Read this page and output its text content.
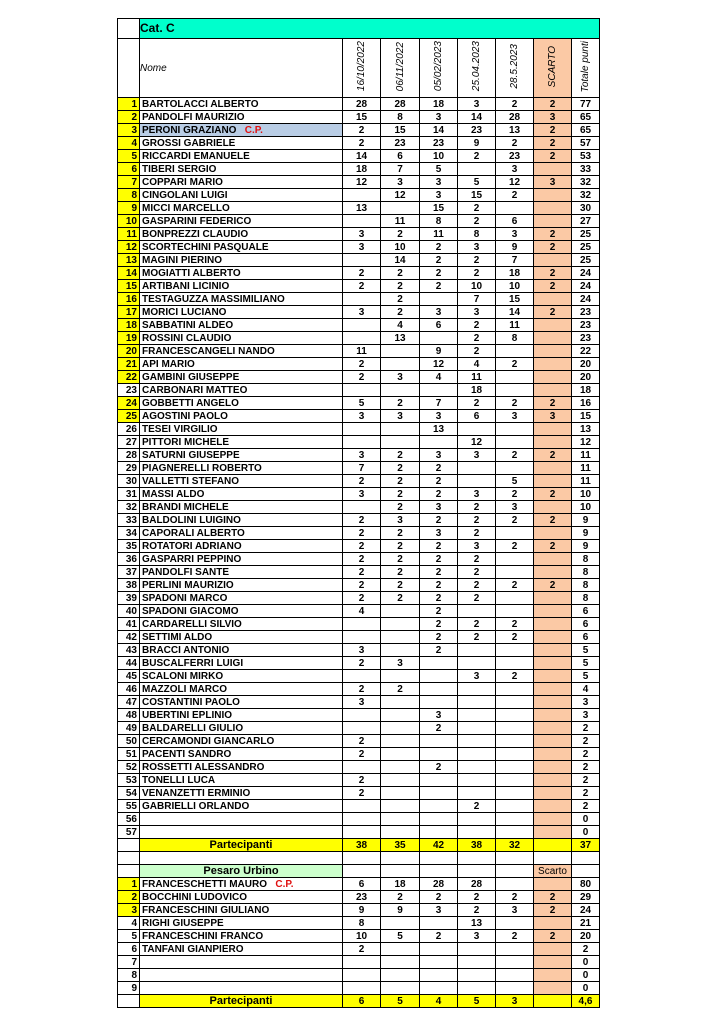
	Cat. C							
	Nome	16/10/2022	06/11/2022	05/02/2023	25.04.2023	28.5.2023	SCARTO	Totale punti
1	BARTOLACCI ALBERTO	28	28	18	3	2	2	77
2	PANDOLFI MAURIZIO	15	8	3	14	28	3	65
3	PERONI GRAZIANO C.P.	2	15	14	23	13	2	65
4	GROSSI GABRIELE	2	23	23	9	2	2	57
5	RICCARDI EMANUELE	14	6	10	2	23	2	53
6	TIBERI SERGIO	18	7	5		3		33
7	COPPARI MARIO	12	3	3	5	12	3	32
8	CINGOLANI LUIGI		12	3	15	2		32
9	MICCI MARCELLO	13		15	2			30
10	GASPARINI FEDERICO		11	8	2	6		27
11	BONPREZZI CLAUDIO	3	2	11	8	3	2	25
12	SCORTECHINI PASQUALE	3	10	2	3	9	2	25
13	MAGINI PIERINO		14	2	2	7		25
14	MOGIATTI ALBERTO	2	2	2	2	18	2	24
15	ARTIBANI LICINIO	2	2	2	10	10	2	24
16	TESTAGUZZA MASSIMILIANO		2		7	15		24
17	MORICI LUCIANO	3	2	3	3	14	2	23
18	SABBATINI ALDEO		4	6	2	11		23
19	ROSSINI CLAUDIO		13		2	8		23
20	FRANCESCANGELI NANDO	11		9	2			22
21	API MARIO	2		12	4	2		20
22	GAMBINI GIUSEPPE	2	3	4	11			20
23	CARBONARI MATTEO				18			18
24	GOBBETTI ANGELO	5	2	7	2	2	2	16
25	AGOSTINI PAOLO	3	3	3	6	3	3	15
26	TESEI VIRGILIO			13				13
27	PITTORI MICHELE				12			12
28	SATURNI GIUSEPPE	3	2	3	3	2	2	11
29	PIAGNERELLI ROBERTO	7	2	2				11
30	VALLETTI STEFANO	2	2	2		5		11
31	MASSI ALDO	3	2	2	3	2	2	10
32	BRANDI MICHELE		2	3	2	3		10
33	BALDOLINI LUIGINO	2	3	2	2	2	2	9
34	CAPORALI ALBERTO	2	2	3	2			9
35	ROTATORI ADRIANO	2	2	2	3	2	2	9
36	GASPARRI PEPPINO	2	2	2	2			8
37	PANDOLFI SANTE	2	2	2	2			8
38	PERLINI MAURIZIO	2	2	2	2	2	2	8
39	SPADONI MARCO	2	2	2	2			8
40	SPADONI GIACOMO	4		2				6
41	CARDARELLI SILVIO			2	2	2		6
42	SETTIMI ALDO			2	2	2		6
43	BRACCI ANTONIO	3		2				5
44	BUSCALFERRI LUIGI	2	3					5
45	SCALONI MIRKO				3	2		5
46	MAZZOLI MARCO	2	2					4
47	COSTANTINI PAOLO	3						3
48	UBERTINI EPLINIO			3				3
49	BALDARELLI GIULIO			2				2
50	CERCAMONDI GIANCARLO	2						2
51	PACENTI SANDRO	2						2
52	ROSSETTI ALESSANDRO			2				2
53	TONELLI LUCA	2						2
54	VENANZETTI ERMINIO	2						2
55	GABRIELLI ORLANDO				2			2
56								0
57								0
	Partecipanti	38	35	42	38	32		37

	Pesaro Urbino						Scarto	
1	FRANCESCHETTI MAURO C.P.	6	18	28	28			80
2	BOCCHINI LUDOVICO	23	2	2	2	2	2	29
3	FRANCESCHINI GIULIANO	9	9	3	2	3	2	24
4	RIGHI GIUSEPPE	8			13			21
5	FRANCESCHINI FRANCO	10	5	2	3	2	2	20
6	TANFANI GIANPIERO	2						2
7								0
8								0
9								0
	Partecipanti	6	5	4	5	3		4,6
